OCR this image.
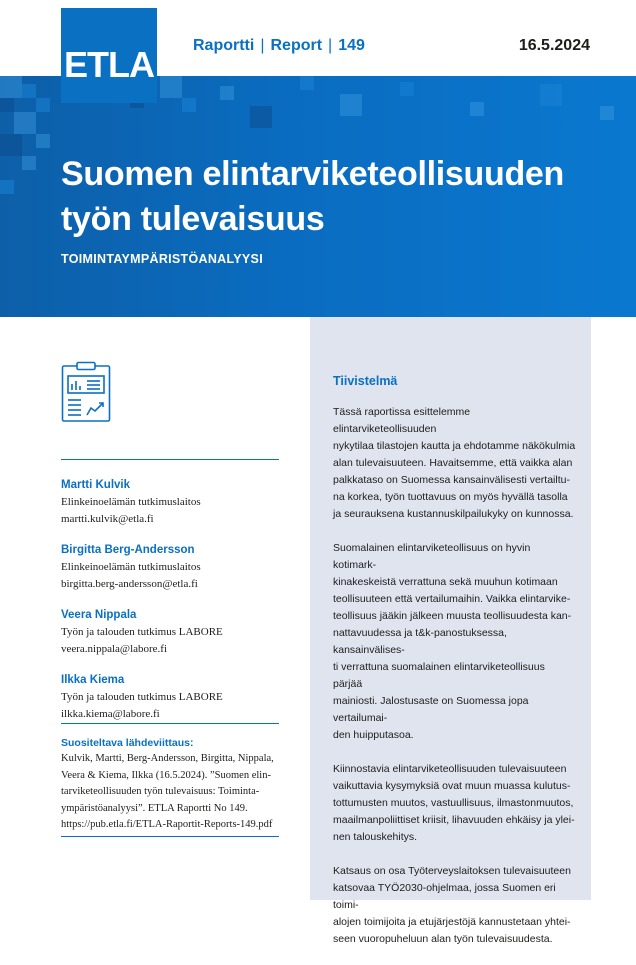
Raportti | Report | 149	16.5.2024
ETLA
Suomen elintarviketeollisuuden
työn tulevaisuus
TOIMINTAYMPÄRISTÖANALYYSI
Martti Kulvik
Elinkeinoelämän tutkimuslaitos
martti.kulvik@etla.fi
Birgitta Berg-Andersson
Elinkeinoelämän tutkimuslaitos
birgitta.berg-andersson@etla.fi
Veera Nippala
Työn ja talouden tutkimus LABORE
veera.nippala@labore.fi
Ilkka Kiema
Työn ja talouden tutkimus LABORE
ilkka.kiema@labore.fi
Suositeltava lähdeviittaus:
Kulvik, Martti, Berg-Andersson, Birgitta, Nippala,
Veera & Kiema, Ilkka (16.5.2024). ”Suomen elin-
tarviketeollisuuden työn tulevaisuus: Toiminta-
ympäristöanalyysi”. ETLA Raportti No 149.
https://pub.etla.fi/ETLA-Raportit-Reports-149.pdf
Tiivistelmä

Tässä raportissa esittelemme elintarviketeollisuuden
nykytilaa tilastojen kautta ja ehdotamme näkökulmia
alan tulevaisuuteen. Havaitsemme, että vaikka alan
palkkataso on Suomessa kansainvälisesti vertailtu-
na korkea, työn tuottavuus on myös hyvällä tasolla
ja seurauksena kustannuskilpailukyky on kunnossa.

Suomalainen elintarviketeollisuus on hyvin kotimark-
kinakeskeistä verrattuna sekä muuhun kotimaan
teollisuuteen että vertailumaihin. Vaikka elintarvike-
teollisuus jääkin jälkeen muusta teollisuudesta kan-
nattavuudessa ja t&k-panostuksessa, kansainvälises-
ti verrattuna suomalainen elintarviketeollisuus pärjää
mainiosti. Jalostusaste on Suomessa jopa vertailumai-
den huipputasoa.

Kiinnostavia elintarviketeollisuuden tulevaisuuteen
vaikuttavia kysymyksiä ovat muun muassa kulutus-
tottumusten muutos, vastuullisuus, ilmastonmuutos,
maailmanpoliittiset kriisit, lihavuuden ehkäisy ja ylei-
nen talouskehitys.

Katsaus on osa Työterveyslaitoksen tulevaisuuteen
katsovaa TYÖ2030-ohjelmaa, jossa Suomen eri toimi-
alojen toimijoita ja etujärjestöjä kannustetaan yhtei-
seen vuoropuheluun alan työn tulevaisuudesta.
